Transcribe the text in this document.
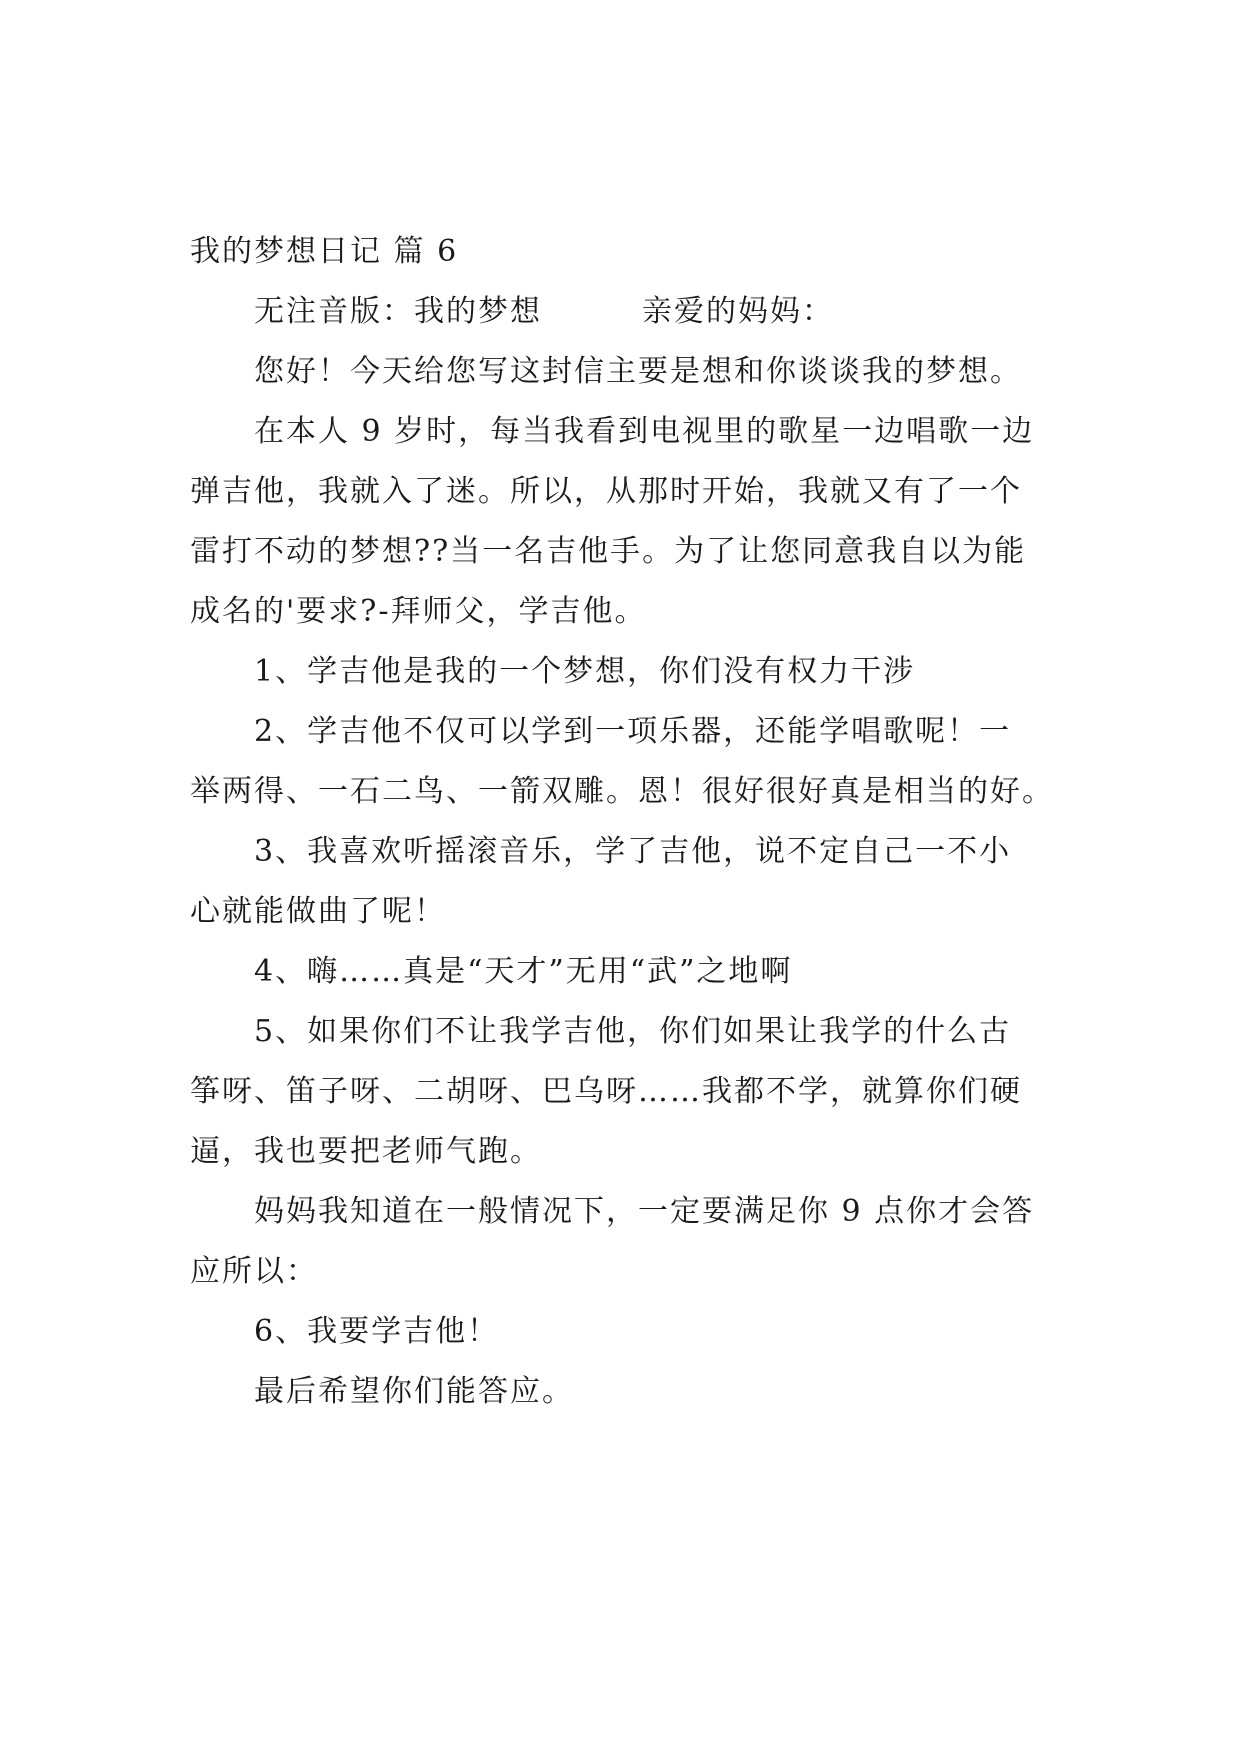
我的梦想日记 篇 6
无注音版：我的梦想	亲爱的妈妈：
您好！今天给您写这封信主要是想和你谈谈我的梦想。
在本人 9 岁时，每当我看到电视里的歌星一边唱歌一边
弹吉他，我就入了迷。所以，从那时开始，我就又有了一个
雷打不动的梦想??当一名吉他手。为了让您同意我自以为能
成名的'要求?-拜师父，学吉他。
1、学吉他是我的一个梦想，你们没有权力干涉
2、学吉他不仅可以学到一项乐器，还能学唱歌呢！一
举两得、一石二鸟、一箭双雕。恩！很好很好真是相当的好。
3、我喜欢听摇滚音乐，学了吉他，说不定自己一不小
心就能做曲了呢！
4、嗨……真是“天才”无用“武”之地啊
5、如果你们不让我学吉他，你们如果让我学的什么古
筝呀、笛子呀、二胡呀、巴乌呀……我都不学，就算你们硬
逼，我也要把老师气跑。
妈妈我知道在一般情况下，一定要满足你 9 点你才会答
应所以：
6、我要学吉他！
最后希望你们能答应。
